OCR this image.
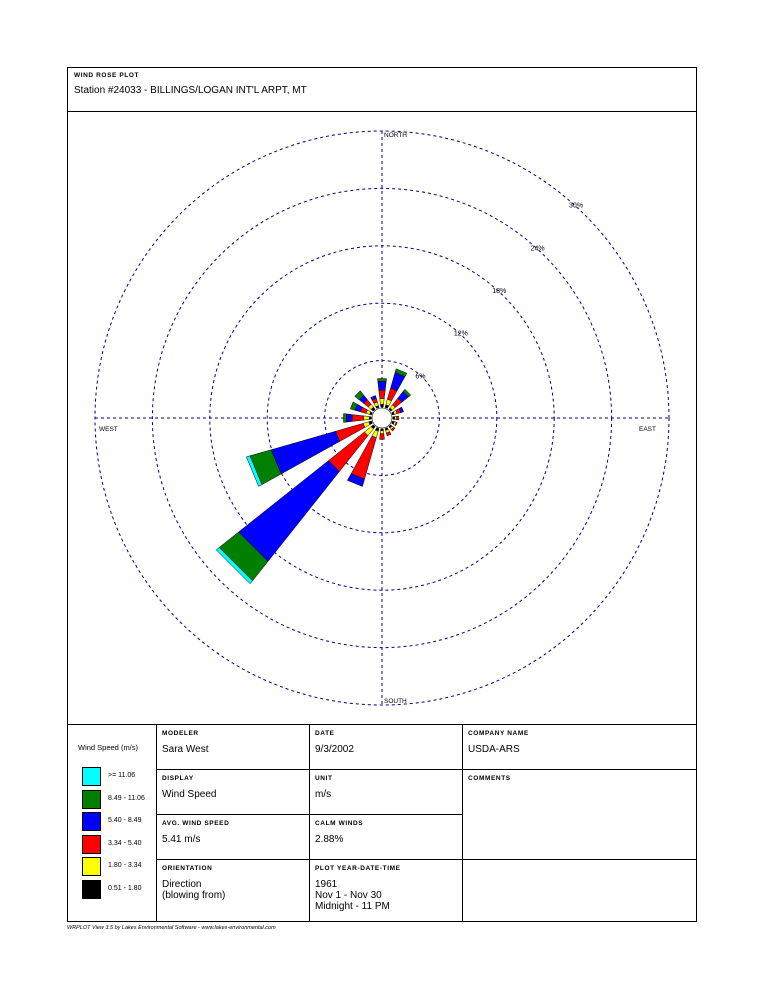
WIND ROSE PLOT
Station #24033 - BILLINGS/LOGAN INT'L ARPT, MT
6%
12%
18%
24%
30%
NORTH
SOUTH
EAST
WEST
Wind Speed (m/s)
>= 11.06
8.49 - 11.06
5.40 - 8.49
3.34 - 5.40
1.80 - 3.34
0.51 - 1.80
MODELER
Sara West
DATE
9/3/2002
COMPANY NAME
USDA-ARS
DISPLAY
Wind Speed
UNIT
m/s
COMMENTS
AVG. WIND SPEED
5.41 m/s
CALM WINDS
2.88%
ORIENTATION
Direction
(blowing from)
PLOT YEAR-DATE-TIME
1961
Nov 1 - Nov 30
Midnight - 11 PM
WRPLOT View 3.5 by Lakes Environmental Software - www.lakes-environmental.com
